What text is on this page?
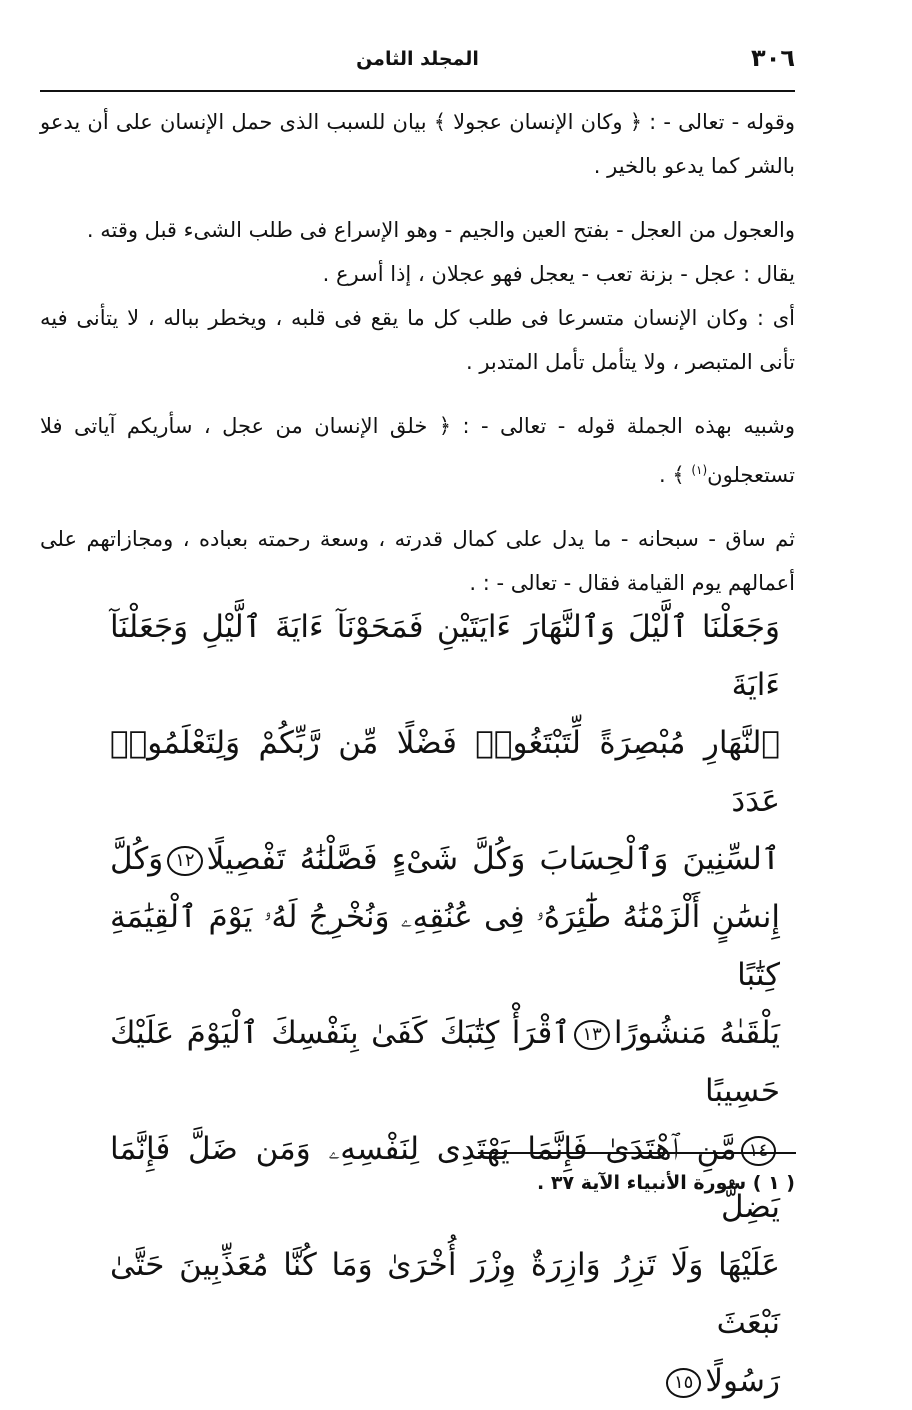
٣٠٦
المجلد الثامن

وقوله - تعالى - : ﴿ وكان الإنسان عجولا ﴾ بيان للسبب الذى حمل الإنسان على أن يدعو بالشر كما يدعو بالخير .

والعجول من العجل - بفتح العين والجيم - وهو الإسراع فى طلب الشىء قبل وقته .

يقال : عجل - بزنة تعب - يعجل فهو عجلان ، إذا أسرع .

أى : وكان الإنسان متسرعا فى طلب كل ما يقع فى قلبه ، ويخطر بباله ، لا يتأنى فيه تأنى المتبصر ، ولا يتأمل تأمل المتدبر .

وشبيه بهذه الجملة قوله - تعالى - : ﴿ خلق الإنسان من عجل ، سأريكم آياتى فلا تستعجلون$^{(١)}$ ﴾ .

ثم ساق - سبحانه - ما يدل على كمال قدرته ، وسعة رحمته بعباده ، ومجازاتهم على أعمالهم يوم القيامة فقال - تعالى - : .

وَجَعَلْنَا ٱلَّيْلَ وَٱلنَّهَارَ ءَايَتَيْنِ فَمَحَوْنَآ ءَايَةَ ٱلَّيْلِ وَجَعَلْنَآ ءَايَةَ
ٱلنَّهَارِ مُبْصِرَةً لِّتَبْتَغُوا۟ فَضْلًا مِّن رَّبِّكُمْ وَلِتَعْلَمُوا۟ عَدَدَ
ٱلسِّنِينَ وَٱلْحِسَابَ وَكُلَّ شَىْءٍ فَصَّلْنَٰهُ تَفْصِيلًا١٢وَكُلَّ
إِنسَٰنٍ أَلْزَمْنَٰهُ طَٰٓئِرَهُۥ فِى عُنُقِهِۦ وَنُخْرِجُ لَهُۥ يَوْمَ ٱلْقِيَٰمَةِ كِتَٰبًا
يَلْقَىٰهُ مَنشُورًا١٣ٱقْرَأْ كِتَٰبَكَ كَفَىٰ بِنَفْسِكَ ٱلْيَوْمَ عَلَيْكَ حَسِيبًا
١٤مَّنِ ٱهْتَدَىٰ فَإِنَّمَا يَهْتَدِى لِنَفْسِهِۦ وَمَن ضَلَّ فَإِنَّمَا يَضِلُّ
عَلَيْهَا وَلَا تَزِرُ وَازِرَةٌ وِزْرَ أُخْرَىٰ وَمَا كُنَّا مُعَذِّبِينَ حَتَّىٰ نَبْعَثَ
رَسُولًا١٥
( ١ ) سورة الأنبياء الآية ٣٧ .
